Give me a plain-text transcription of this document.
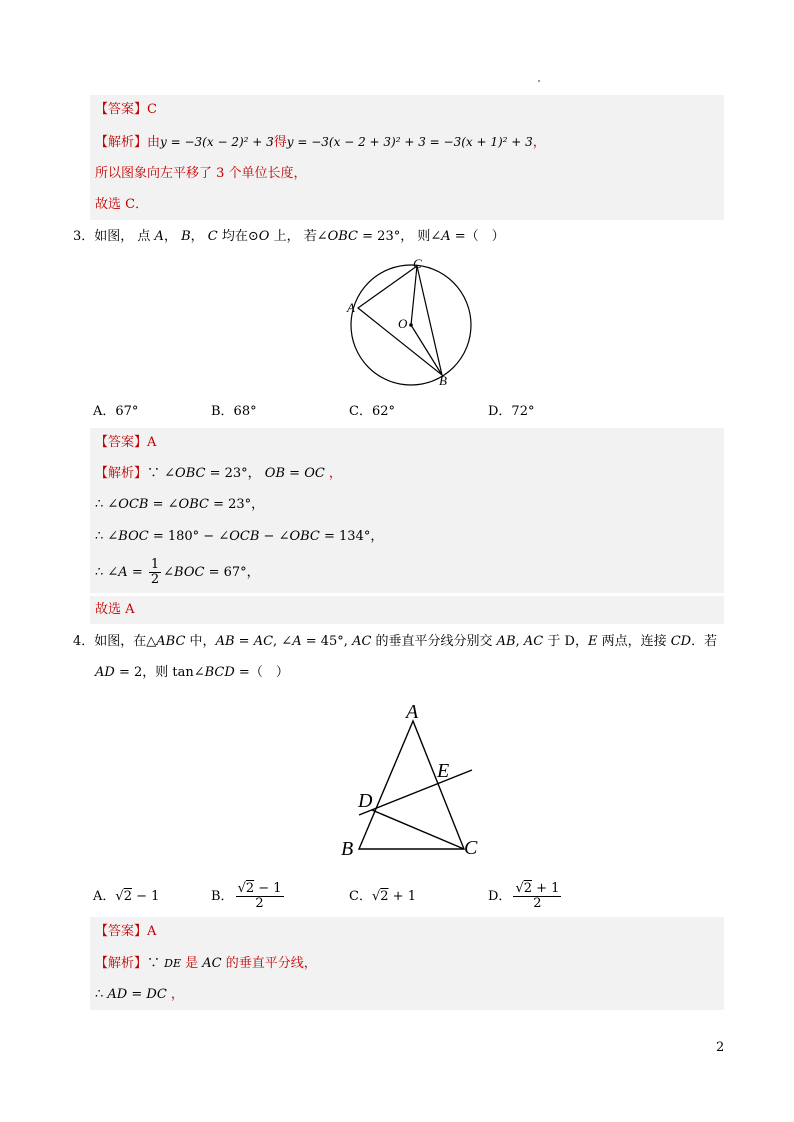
【答案】C
【解析】由y = −3(x − 2)² + 3得y = −3(x − 2 + 3)² + 3 = −3(x + 1)² + 3，
所以图象向左平移了 3 个单位长度，
故选 C．
3．如图， 点 A， B， C 均在⊙O 上， 若∠OBC = 23°， 则∠A =（　）
A
C
O
B
A．67°	B．68°	C．62°	D．72°
【答案】A
【解析】∵ ∠OBC = 23°， OB = OC ，
∴ ∠OCB = ∠OBC = 23°，
∴ ∠BOC = 180° − ∠OCB − ∠OBC = 134°，
∴ ∠A = $\frac{1}{2}$ ∠BOC = 67°，
故选 A
4．如图，在△ABC 中，AB = AC, ∠A = 45°, AC 的垂直平分线分别交 AB, AC 于 D，E 两点，连接 CD．若
AD = 2，则 tan∠BCD =（　）
A
E
D
B	C
A．√2 − 1	B． $\frac{√2 - 1}{2}$	C．√2 + 1	D． $\frac{√2 + 1}{2}$
【答案】A
【解析】∵ DE 是 AC 的垂直平分线，
∴ AD = DC ，
2
